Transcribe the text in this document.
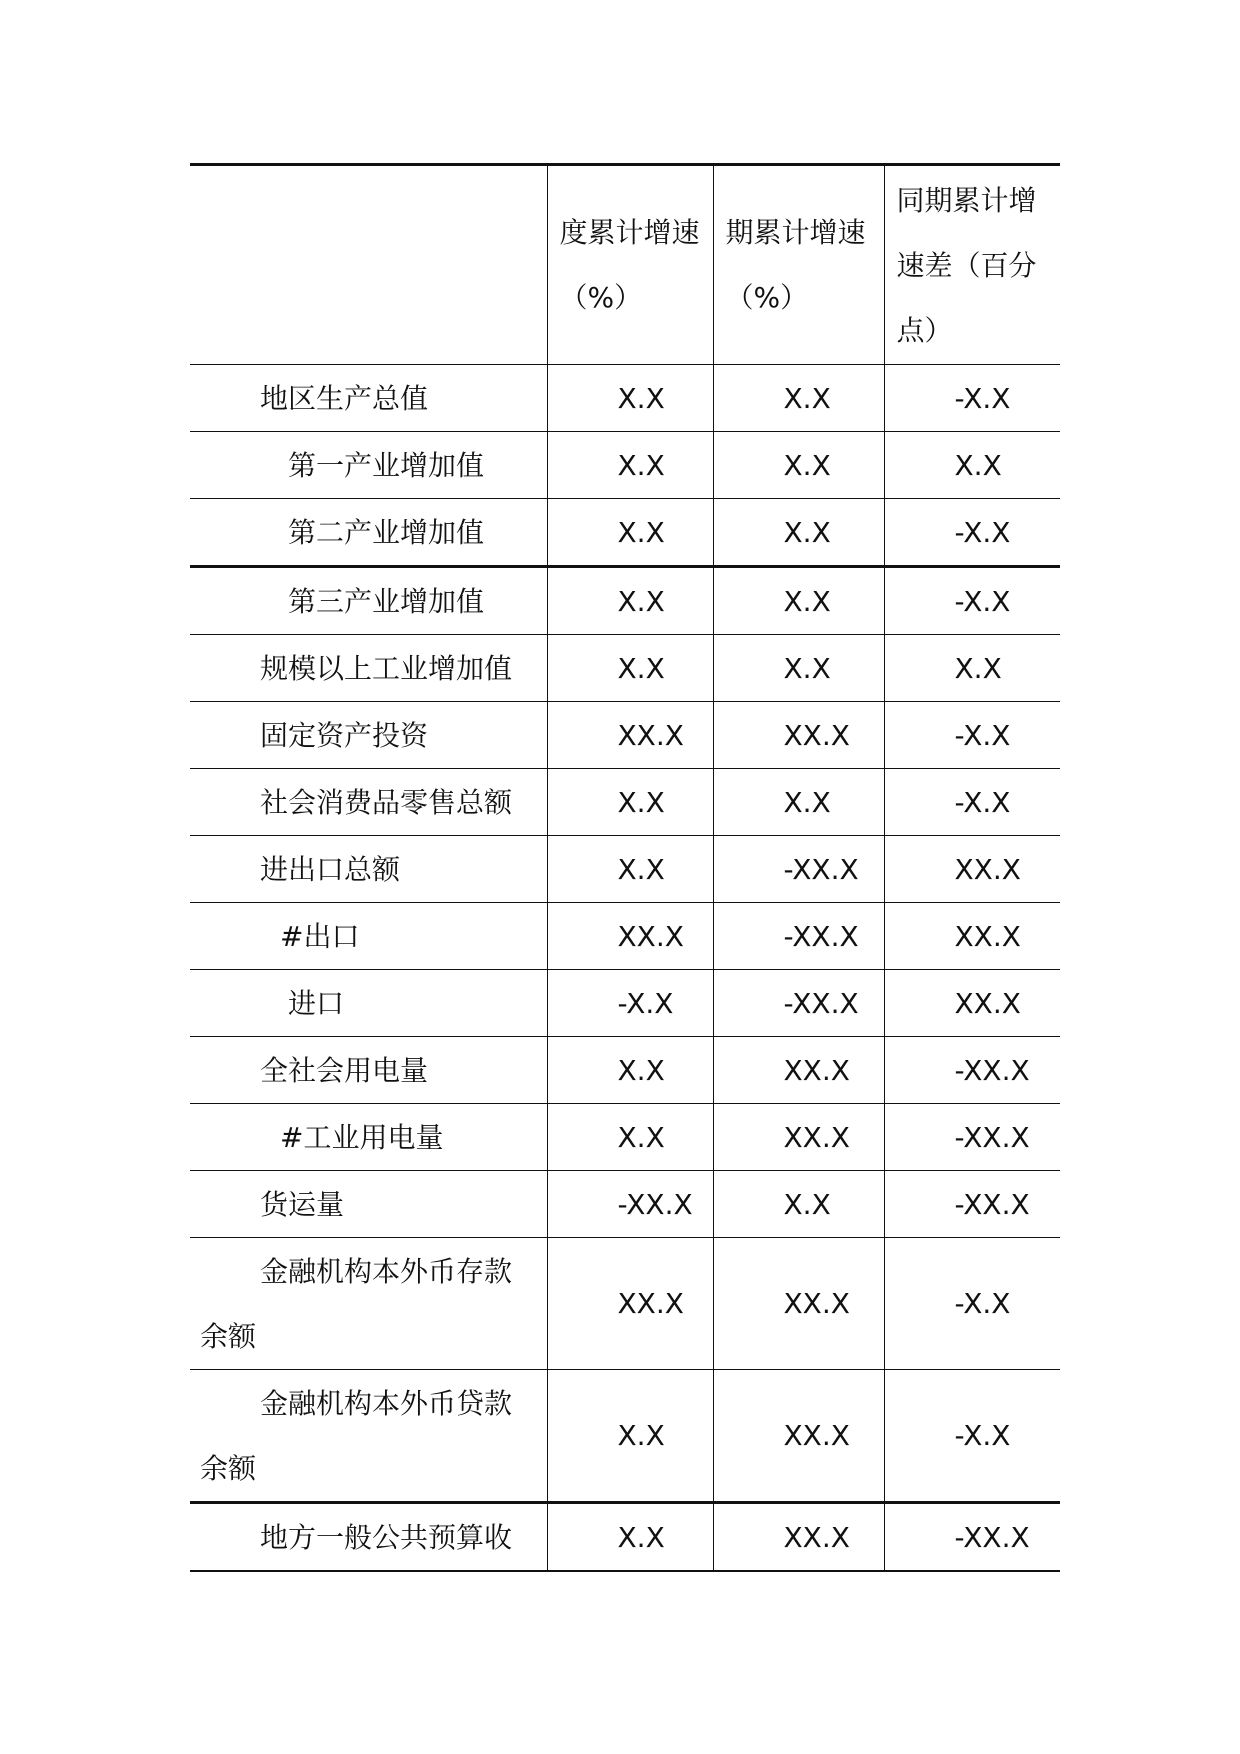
	度累计增速（%）	期累计增速（%）	同期累计增速差（百分点）
地区生产总值	X.X	X.X	-X.X
第一产业增加值	X.X	X.X	X.X
第二产业增加值	X.X	X.X	-X.X
第三产业增加值	X.X	X.X	-X.X
规模以上工业增加值	X.X	X.X	X.X
固定资产投资	XX.X	XX.X	-X.X
社会消费品零售总额	X.X	X.X	-X.X
进出口总额	X.X	-XX.X	XX.X
#出口	XX.X	-XX.X	XX.X
进口	-X.X	-XX.X	XX.X
全社会用电量	X.X	XX.X	-XX.X
#工业用电量	X.X	XX.X	-XX.X
货运量	-XX.X	X.X	-XX.X
金融机构本外币存款余额	XX.X	XX.X	-X.X
金融机构本外币贷款余额	X.X	XX.X	-X.X
地方一般公共预算收	X.X	XX.X	-XX.X
